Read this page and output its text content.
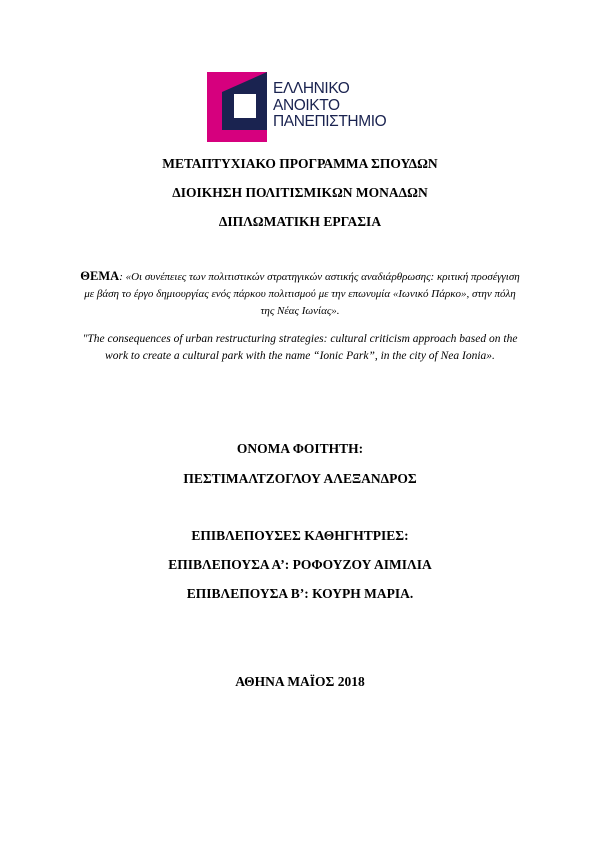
ΕΛΛΗΝΙΚΟ
ΑΝΟΙΚΤΟ
ΠΑΝΕΠΙΣΤΗΜΙΟ
ΜΕΤΑΠΤΥΧΙΑΚΟ ΠΡΟΓΡΑΜΜΑ ΣΠΟΥΔΩΝ
ΔΙΟΙΚΗΣΗ ΠΟΛΙΤΙΣΜΙΚΩΝ ΜΟΝΑΔΩΝ
ΔΙΠΛΩΜΑΤΙΚΗ ΕΡΓΑΣΙΑ
ΘΕΜΑ: «Οι συνέπειες των πολιτιστικών στρατηγικών αστικής αναδιάρθρωσης: κριτική προσέγγιση με βάση το έργο δημιουργίας ενός πάρκου πολιτισμού με την επωνυμία «Ιωνικό Πάρκο», στην πόλη της Νέας Ιωνίας».
"The consequences of urban restructuring strategies: cultural criticism approach based on the work to create a cultural park with the name “Ionic Park”, in the city of Nea Ionia».
ΟΝΟΜΑ ΦΟΙΤΗΤΗ:
ΠΕΣΤΙΜΑΛΤΖΟΓΛΟΥ ΑΛΕΞΑΝΔΡΟΣ
ΕΠΙΒΛΕΠΟΥΣΕΣ ΚΑΘΗΓΗΤΡΙΕΣ:
ΕΠΙΒΛΕΠΟΥΣΑ Α’: ΡΟΦΟΥΖΟΥ ΑΙΜΙΛΙΑ
ΕΠΙΒΛΕΠΟΥΣΑ Β’: ΚΟΥΡΗ ΜΑΡΙΑ.
ΑΘΗΝΑ ΜΑΪΟΣ 2018
